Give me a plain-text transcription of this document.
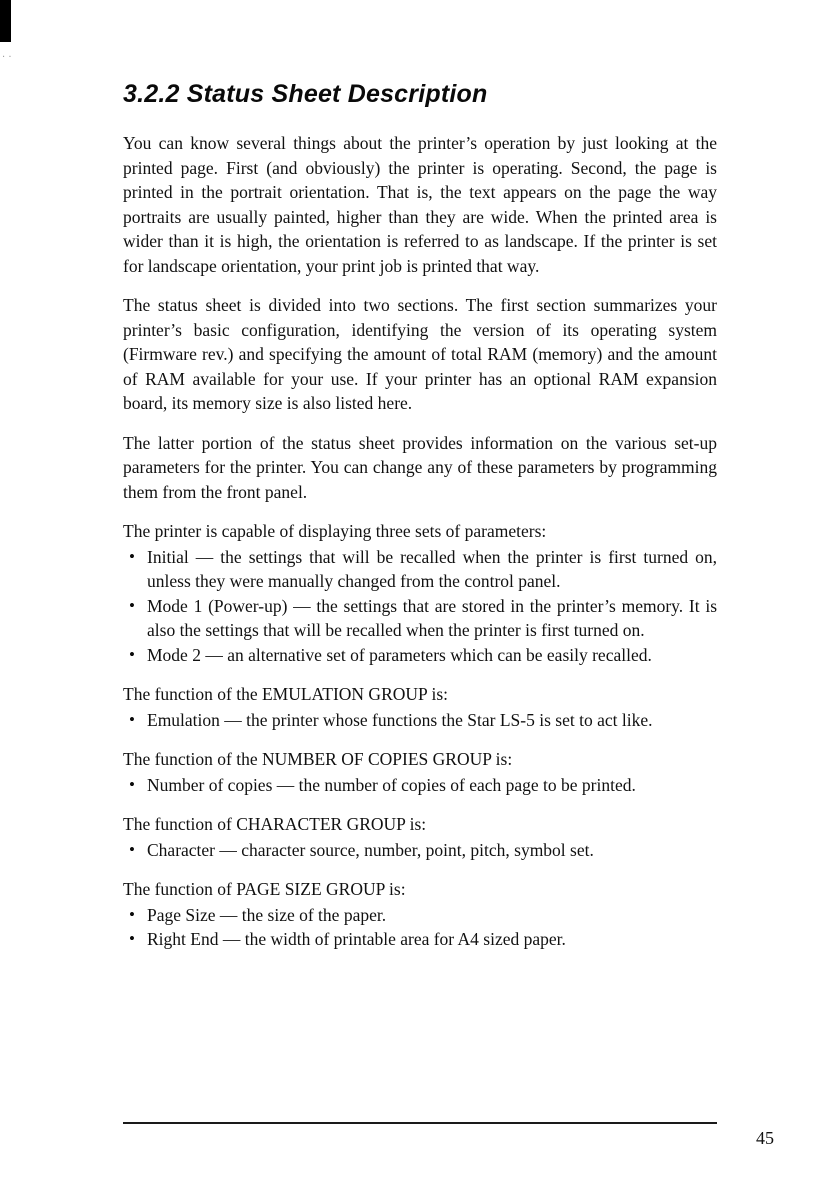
· ·
3.2.2 Status Sheet Description

You can know several things about the printer’s operation by just looking at the printed page. First (and obviously) the printer is operating. Second, the page is printed in the portrait orientation. That is, the text appears on the page the way portraits are usually painted, higher than they are wide. When the printed area is wider than it is high, the orientation is referred to as landscape. If the printer is set for landscape orientation, your print job is printed that way.

The status sheet is divided into two sections. The first section summarizes your printer’s basic configuration, identifying the version of its operating system (Firmware rev.) and specifying the amount of total RAM (memory) and the amount of RAM available for your use. If your printer has an optional RAM expansion board, its memory size is also listed here.

The latter portion of the status sheet provides information on the various set-up parameters for the printer. You can change any of these parameters by programming them from the front panel.

The printer is capable of displaying three sets of parameters:

• Initial — the settings that will be recalled when the printer is first turned on, unless they were manually changed from the control panel.
• Mode 1 (Power-up) — the settings that are stored in the printer’s memory. It is also the settings that will be recalled when the printer is first turned on.
• Mode 2 — an alternative set of parameters which can be easily recalled.

The function of the EMULATION GROUP is:

• Emulation — the printer whose functions the Star LS-5 is set to act like.

The function of the NUMBER OF COPIES GROUP is:

• Number of copies — the number of copies of each page to be printed.

The function of CHARACTER GROUP is:

• Character — character source, number, point, pitch, symbol set.

The function of PAGE SIZE GROUP is:

• Page Size — the size of the paper.
• Right End — the width of printable area for A4 sized paper.
45
